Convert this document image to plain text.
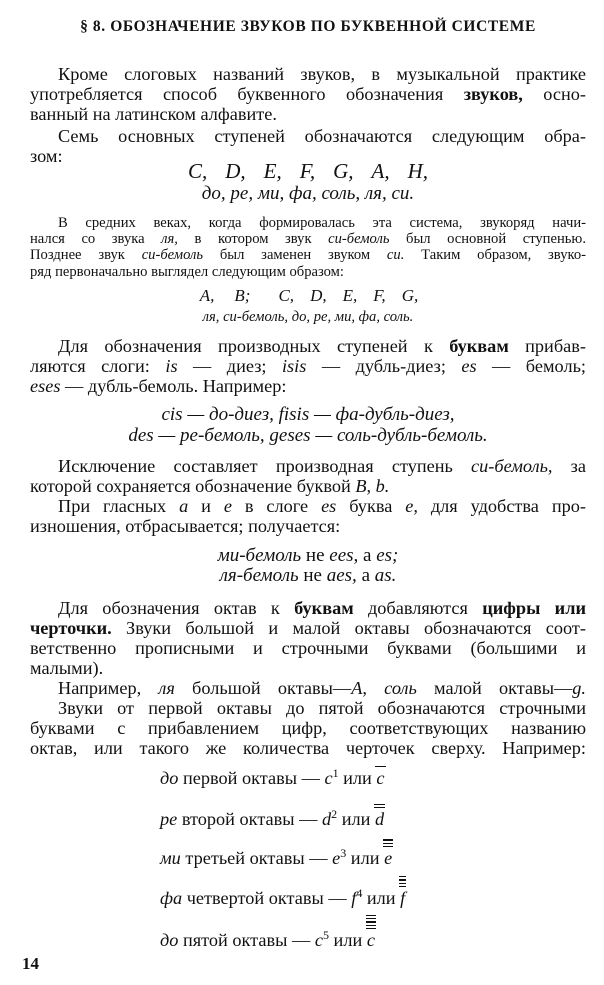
§ 8. ОБОЗНАЧЕНИЕ ЗВУКОВ ПО БУКВЕННОЙ СИСТЕМЕ
Кроме слоговых названий звуков, в музыкальной практике
употребляется способ буквенного обозначения звуков, осно-
ванный на латинском алфавите.
Семь основных ступеней обозначаются следующим обра-
зом:
C, D, E, F, G, A, H,
до, ре, ми, фа, соль, ля, си.
В средних веках, когда формировалась эта система, звукоряд начи-
нался со звука ля, в котором звук си-бемоль был основной ступенью.
Позднее звук си-бемоль был заменен звуком си. Таким образом, звуко-
ряд первоначально выглядел следующим образом:
A, B; C, D, E, F, G,
ля, си-бемоль, до, ре, ми, фа, соль.
Для обозначения производных ступеней к буквам прибав-
ляются слоги: is — диез; isis — дубль-диез; es — бемоль;
eses — дубль-бемоль. Например:
cis — до-диез, fisis — фа-дубль-диез,
des — ре-бемоль, geses — соль-дубль-бемоль.
Исключение составляет производная ступень си-бемоль, за
которой сохраняется обозначение буквой B, b.
При гласных a и e в слоге es буква e, для удобства про-
изношения, отбрасывается; получается:
ми-бемоль не ees, а es;
ля-бемоль не aes, а as.
Для обозначения октав к буквам добавляются цифры или
черточки. Звуки большой и малой октавы обозначаются соот-
ветственно прописными и строчными буквами (большими и
малыми).
Например, ля большой октавы—A, соль малой октавы—g.
Звуки от первой октавы до пятой обозначаются строчными
буквами с прибавлением цифр, соответствующих названию
октав, или такого же количества черточек сверху. Например:
до первой октавы — $c^1$ или
c
ре второй октавы — $d^2$ или
d
ми третьей октавы — $e^3$ или
e
фа четвертой октавы — $f^4$ или
f
до пятой октавы — $c^5$ или
c
14
